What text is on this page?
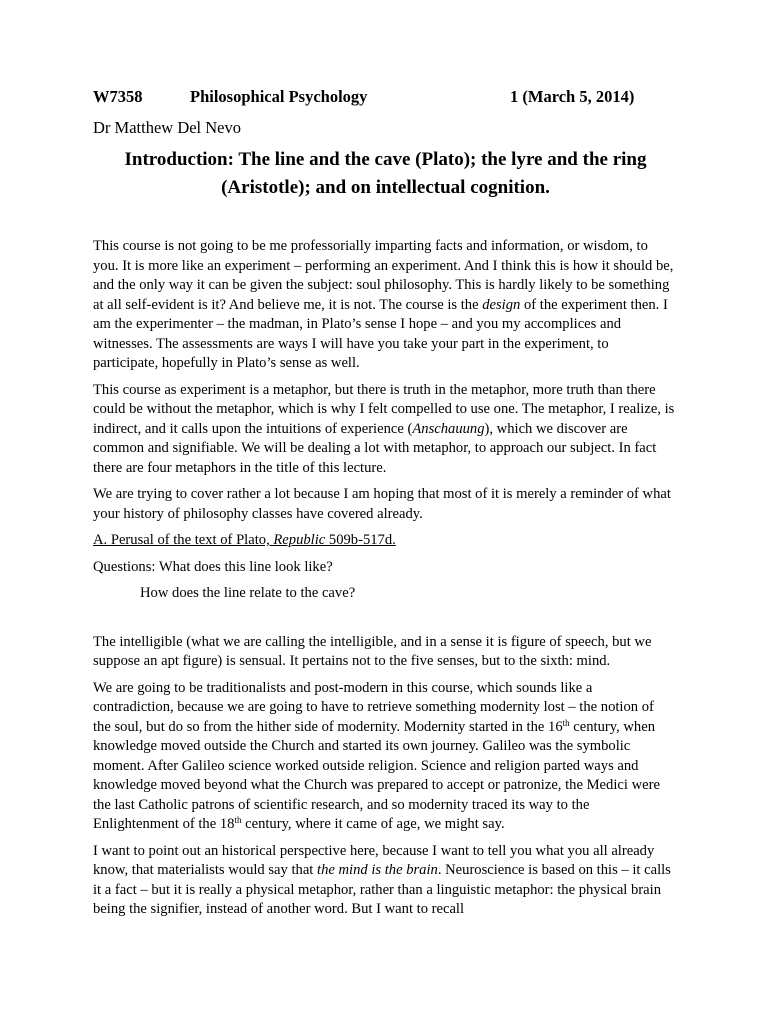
W7358	Philosophical Psychology	1 (March 5, 2014)
Dr Matthew Del Nevo
Introduction: The line and the cave (Plato); the lyre and the ring (Aristotle); and on intellectual cognition.

This course is not going to be me professorially imparting facts and information, or wisdom, to you. It is more like an experiment – performing an experiment. And I think this is how it should be, and the only way it can be given the subject: soul philosophy. This is hardly likely to be something at all self-evident is it? And believe me, it is not. The course is the design of the experiment then. I am the experimenter – the madman, in Plato’s sense I hope – and you my accomplices and witnesses. The assessments are ways I will have you take your part in the experiment, to participate, hopefully in Plato’s sense as well.

This course as experiment is a metaphor, but there is truth in the metaphor, more truth than there could be without the metaphor, which is why I felt compelled to use one. The metaphor, I realize, is indirect, and it calls upon the intuitions of experience (Anschauung), which we discover are common and signifiable. We will be dealing a lot with metaphor, to approach our subject. In fact there are four metaphors in the title of this lecture.

We are trying to cover rather a lot because I am hoping that most of it is merely a reminder of what your history of philosophy classes have covered already.

A. Perusal of the text of Plato, Republic 509b-517d.

Questions: What does this line look like?

How does the line relate to the cave?

The intelligible (what we are calling the intelligible, and in a sense it is figure of speech, but we suppose an apt figure) is sensual. It pertains not to the five senses, but to the sixth: mind.

We are going to be traditionalists and post-modern in this course, which sounds like a contradiction, because we are going to have to retrieve something modernity lost – the notion of the soul, but do so from the hither side of modernity. Modernity started in the 16th century, when knowledge moved outside the Church and started its own journey. Galileo was the symbolic moment. After Galileo science worked outside religion. Science and religion parted ways and knowledge moved beyond what the Church was prepared to accept or patronize, the Medici were the last Catholic patrons of scientific research, and so modernity traced its way to the Enlightenment of the 18th century, where it came of age, we might say.

I want to point out an historical perspective here, because I want to tell you what you all already know, that materialists would say that the mind is the brain. Neuroscience is based on this – it calls it a fact – but it is really a physical metaphor, rather than a linguistic metaphor: the physical brain being the signifier, instead of another word. But I want to recall
